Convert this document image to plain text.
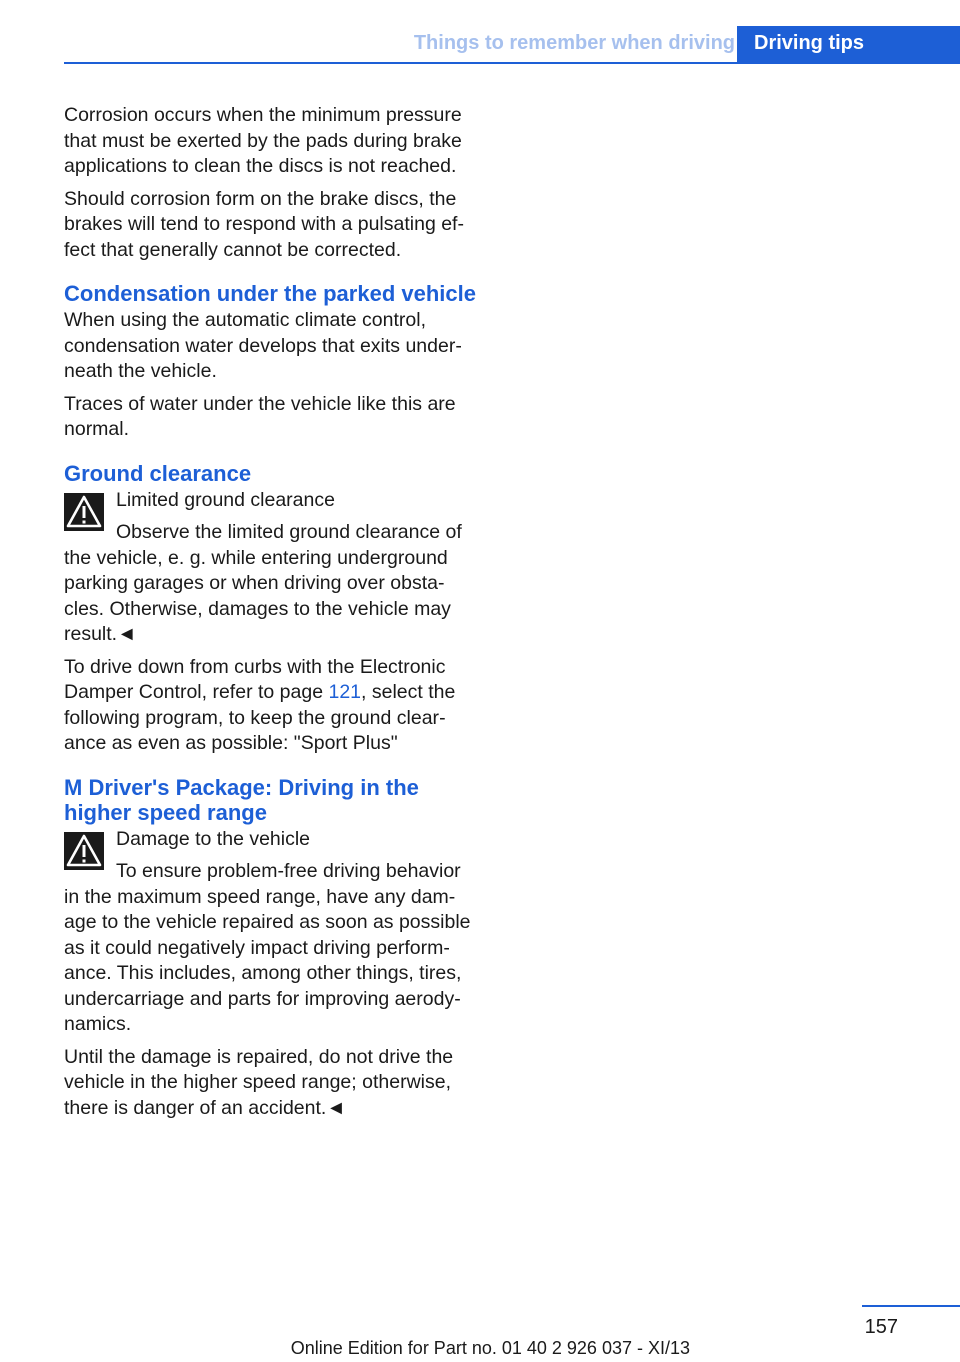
Things to remember when driving Driving tips

Corrosion occurs when the minimum pressure that must be exerted by the pads during brake applications to clean the discs is not reached.

Should corrosion form on the brake discs, the brakes will tend to respond with a pulsating effect that generally cannot be corrected.

Condensation under the parked vehicle

When using the automatic climate control, condensation water develops that exits underneath the vehicle.

Traces of water under the vehicle like this are normal.

Ground clearance

Limited ground clearance

Observe the limited ground clearance of the vehicle, e. g. while entering underground parking garages or when driving over obstacles. Otherwise, damages to the vehicle may result.◄

To drive down from curbs with the Electronic Damper Control, refer to page 121, select the following program, to keep the ground clearance as even as possible: "Sport Plus"

M Driver's Package: Driving in the higher speed range

Damage to the vehicle

To ensure problem-free driving behavior in the maximum speed range, have any damage to the vehicle repaired as soon as possible as it could negatively impact driving performance. This includes, among other things, tires, undercarriage and parts for improving aerodynamics.

Until the damage is repaired, do not drive the vehicle in the higher speed range; otherwise, there is danger of an accident.◄

157
Online Edition for Part no. 01 40 2 926 037 - XI/13
